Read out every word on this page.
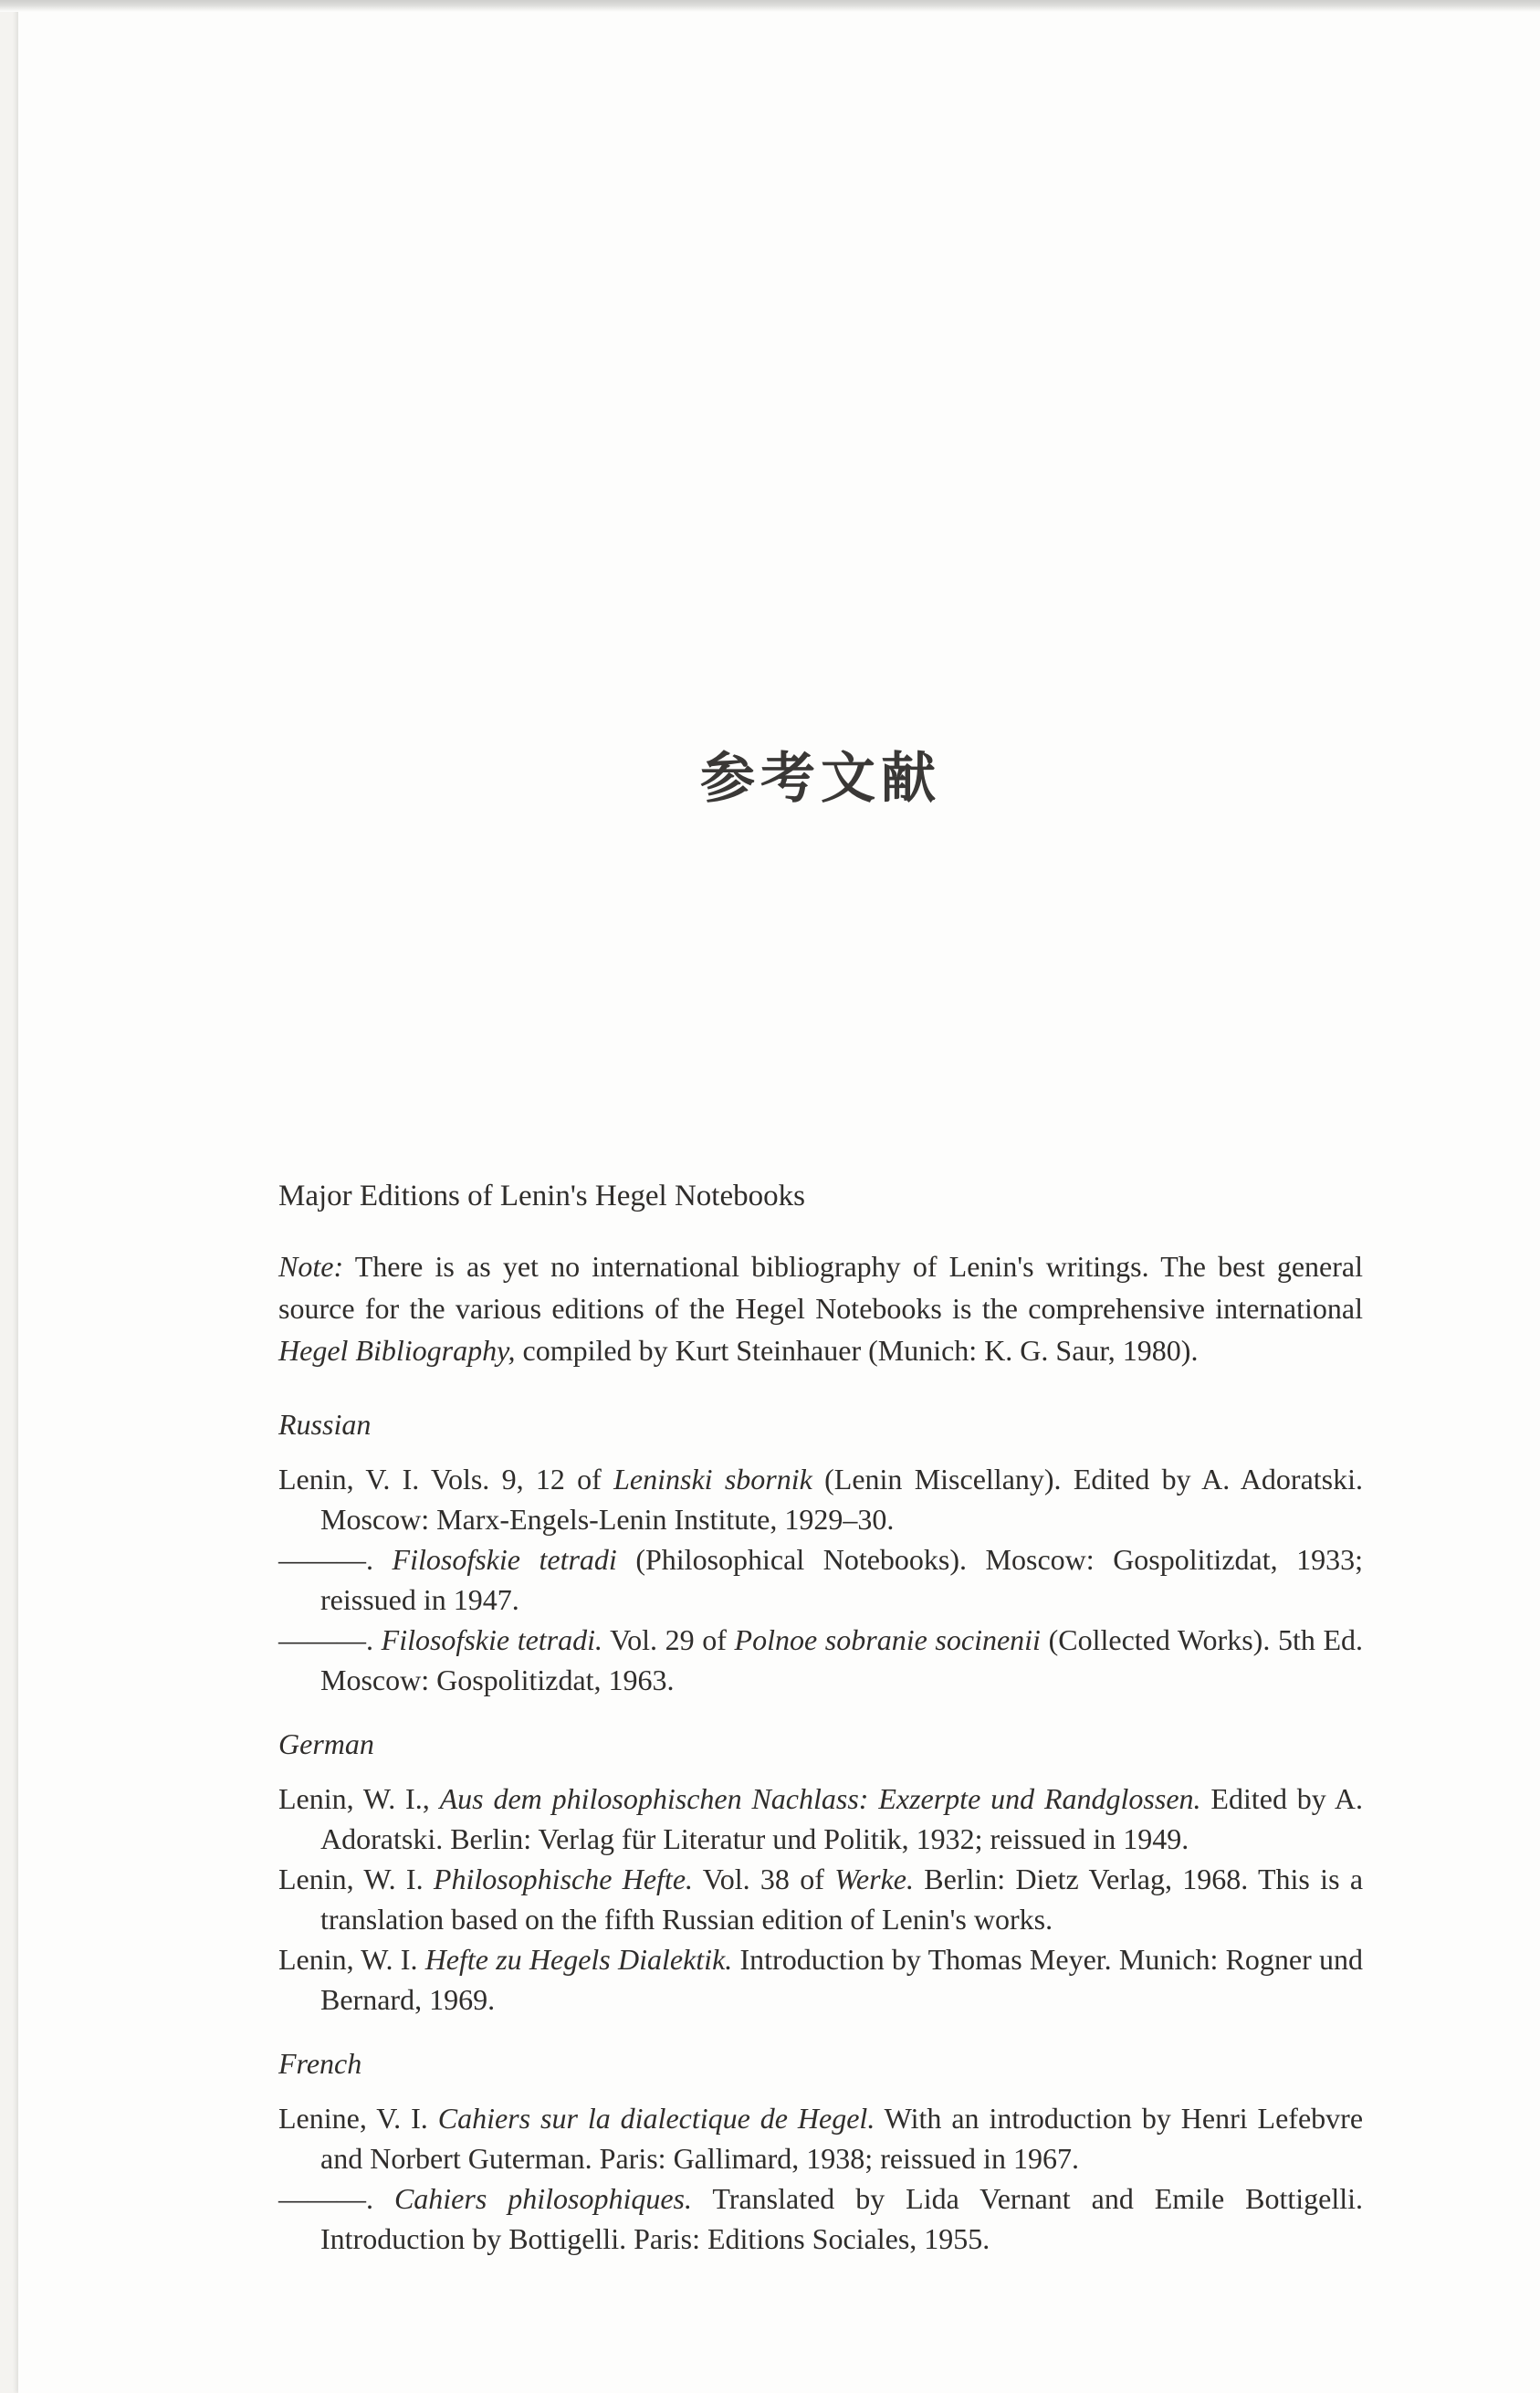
参考文献
Major Editions of Lenin's Hegel Notebooks

Note: There is as yet no international bibliography of Lenin's writings. The best general source for the various editions of the Hegel Notebooks is the comprehensive international Hegel Bibliography, compiled by Kurt Steinhauer (Munich: K. G. Saur, 1980).

Russian

Lenin, V. I. Vols. 9, 12 of Leninski sbornik (Lenin Miscellany). Edited by A. Adoratski. Moscow: Marx-Engels-Lenin Institute, 1929–30.

———. Filosofskie tetradi (Philosophical Notebooks). Moscow: Gospolitizdat, 1933; reissued in 1947.

———. Filosofskie tetradi. Vol. 29 of Polnoe sobranie socinenii (Collected Works). 5th Ed. Moscow: Gospolitizdat, 1963.

German

Lenin, W. I., Aus dem philosophischen Nachlass: Exzerpte und Randglossen. Edited by A. Adoratski. Berlin: Verlag für Literatur und Politik, 1932; reissued in 1949.

Lenin, W. I. Philosophische Hefte. Vol. 38 of Werke. Berlin: Dietz Verlag, 1968. This is a translation based on the fifth Russian edition of Lenin's works.

Lenin, W. I. Hefte zu Hegels Dialektik. Introduction by Thomas Meyer. Munich: Rogner und Bernard, 1969.

French

Lenine, V. I. Cahiers sur la dialectique de Hegel. With an introduction by Henri Lefebvre and Norbert Guterman. Paris: Gallimard, 1938; reissued in 1967.

———. Cahiers philosophiques. Translated by Lida Vernant and Emile Bottigelli. Introduction by Bottigelli. Paris: Editions Sociales, 1955.
